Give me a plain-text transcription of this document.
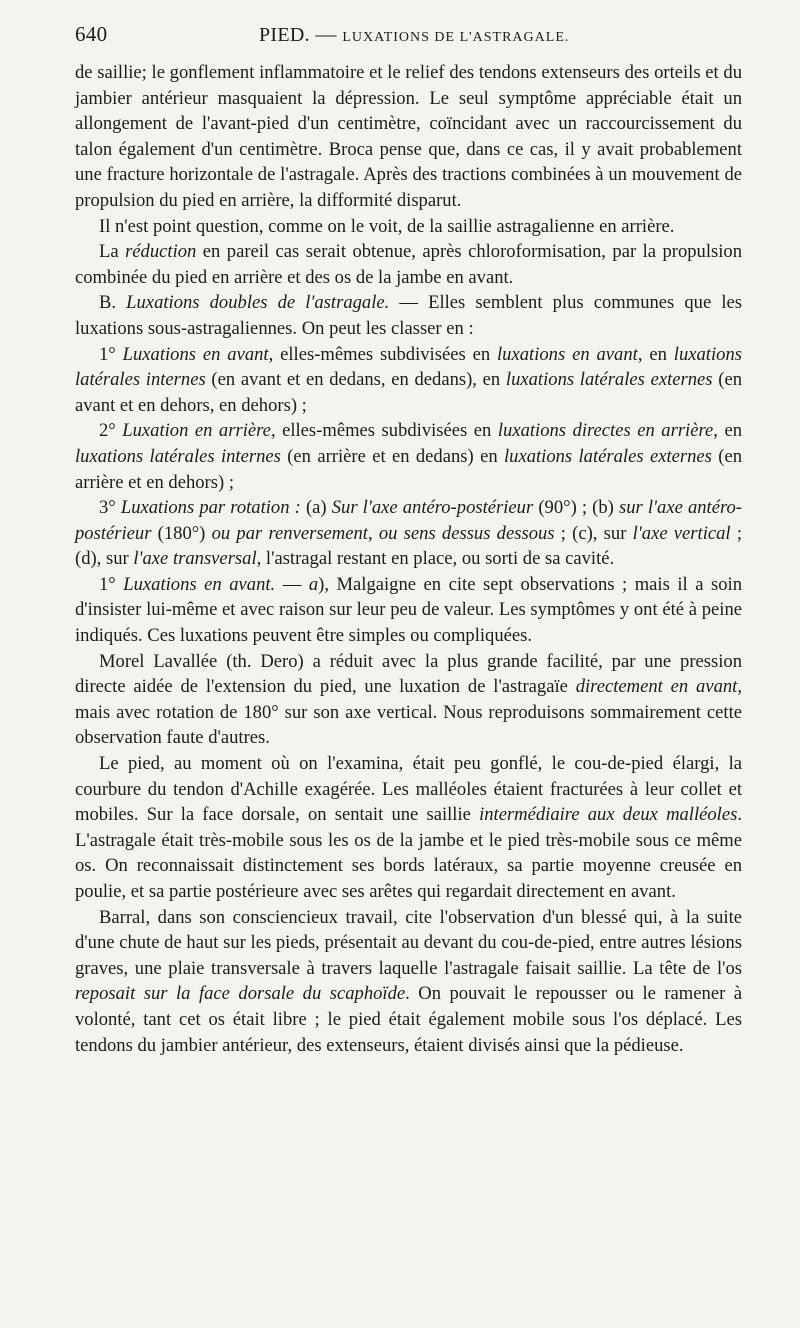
640	PIED. — LUXATIONS DE L'ASTRAGALE.

de saillie; le gonflement inflammatoire et le relief des tendons extenseurs des orteils et du jambier antérieur masquaient la dépression. Le seul symptôme appréciable était un allongement de l'avant-pied d'un centimètre, coïncidant avec un raccourcissement du talon également d'un centimètre. Broca pense que, dans ce cas, il y avait probablement une fracture horizontale de l'astragale. Après des tractions combinées à un mouvement de propulsion du pied en arrière, la difformité disparut.

Il n'est point question, comme on le voit, de la saillie astragalienne en arrière.

La réduction en pareil cas serait obtenue, après chloroformisation, par la propulsion combinée du pied en arrière et des os de la jambe en avant.

B. Luxations doubles de l'astragale. — Elles semblent plus communes que les luxations sous-astragaliennes. On peut les classer en :

1° Luxations en avant, elles-mêmes subdivisées en luxations en avant, en luxations latérales internes (en avant et en dedans, en dedans), en luxations latérales externes (en avant et en dehors, en dehors) ;

2° Luxation en arrière, elles-mêmes subdivisées en luxations directes en arrière, en luxations latérales internes (en arrière et en dedans) en luxations latérales externes (en arrière et en dehors) ;

3° Luxations par rotation : (a) Sur l'axe antéro-postérieur (90°) ; (b) sur l'axe antéro-postérieur (180°) ou par renversement, ou sens dessus dessous ; (c), sur l'axe vertical ; (d), sur l'axe transversal, l'astragal restant en place, ou sorti de sa cavité.

1° Luxations en avant. — a), Malgaigne en cite sept observations ; mais il a soin d'insister lui-même et avec raison sur leur peu de valeur. Les symptômes y ont été à peine indiqués. Ces luxations peuvent être simples ou compliquées.

Morel Lavallée (th. Dero) a réduit avec la plus grande facilité, par une pression directe aidée de l'extension du pied, une luxation de l'astragaïe directement en avant, mais avec rotation de 180° sur son axe vertical. Nous reproduisons sommairement cette observation faute d'autres.

Le pied, au moment où on l'examina, était peu gonflé, le cou-de-pied élargi, la courbure du tendon d'Achille exagérée. Les malléoles étaient fracturées à leur collet et mobiles. Sur la face dorsale, on sentait une saillie intermédiaire aux deux malléoles. L'astragale était très-mobile sous les os de la jambe et le pied très-mobile sous ce même os. On reconnaissait distinctement ses bords latéraux, sa partie moyenne creusée en poulie, et sa partie postérieure avec ses arêtes qui regardait directement en avant.

Barral, dans son consciencieux travail, cite l'observation d'un blessé qui, à la suite d'une chute de haut sur les pieds, présentait au devant du cou-de-pied, entre autres lésions graves, une plaie transversale à travers laquelle l'astragale faisait saillie. La tête de l'os reposait sur la face dorsale du scaphoïde. On pouvait le repousser ou le ramener à volonté, tant cet os était libre ; le pied était également mobile sous l'os déplacé. Les tendons du jambier antérieur, des extenseurs, étaient divisés ainsi que la pédieuse.
